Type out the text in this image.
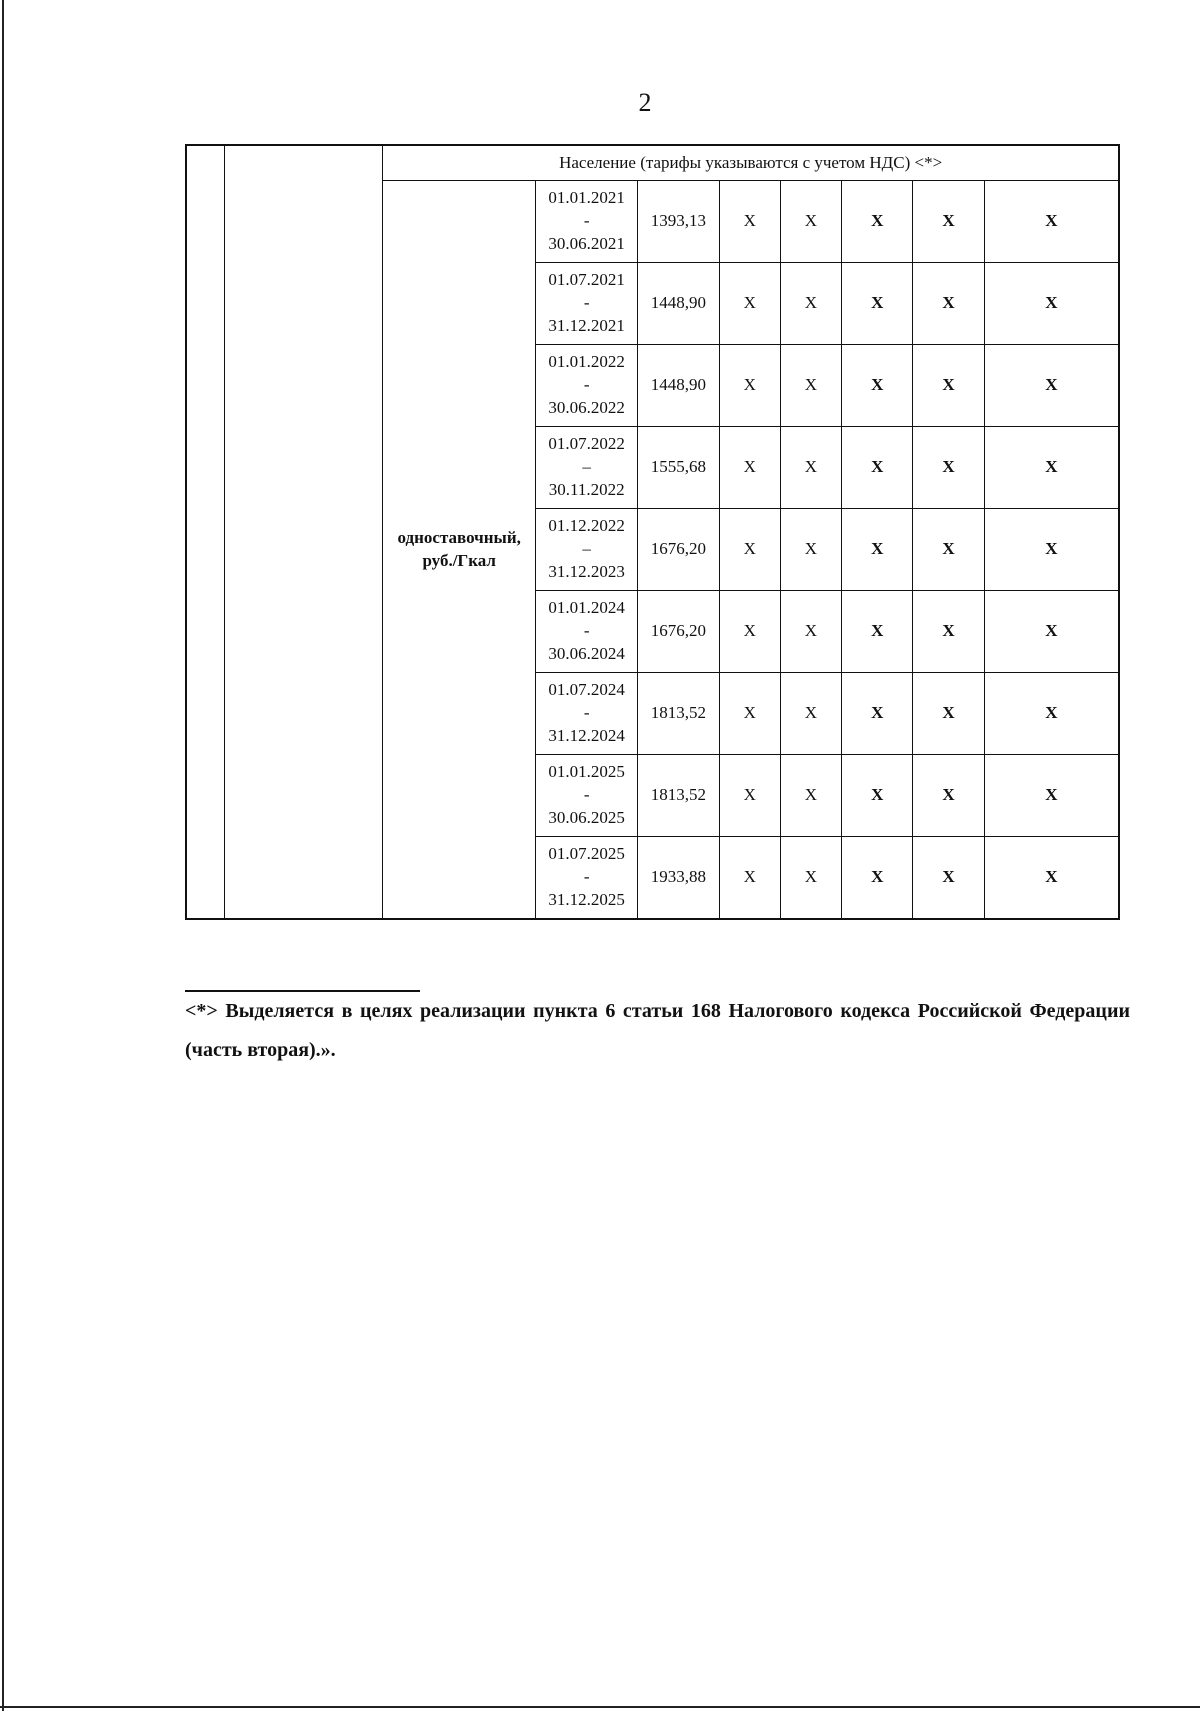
2
		Население (тарифы указываются с учетом НДС) <*>							
		одноставочный, руб./Гкал	01.01.2021
-
30.06.2021	1393,13	Х	Х	Х	Х	Х

			01.07.2021
-
31.12.2021	1448,90	Х	Х	Х	Х	Х

			01.01.2022
-
30.06.2022	1448,90	Х	Х	Х	Х	Х

			01.07.2022
–
30.11.2022	1555,68	Х	Х	Х	Х	Х

			01.12.2022
–
31.12.2023	1676,20	Х	Х	Х	Х	Х

			01.01.2024
-
30.06.2024	1676,20	Х	Х	Х	Х	Х

			01.07.2024
-
31.12.2024	1813,52	Х	Х	Х	Х	Х

			01.01.2025
-
30.06.2025	1813,52	Х	Х	Х	Х	Х

			01.07.2025
-
31.12.2025	1933,88	Х	Х	Х	Х	Х
<*> Выделяется в целях реализации пункта 6 статьи 168 Налогового кодекса Российской Федерации (часть вторая).».
